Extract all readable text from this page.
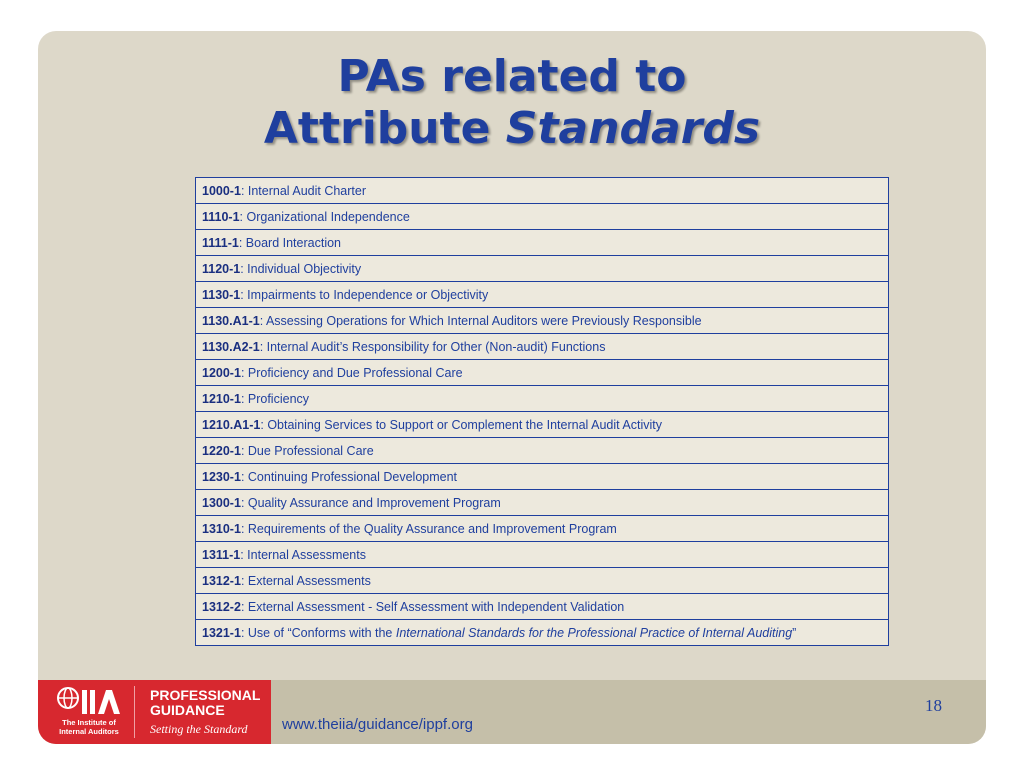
PAs related to
Attribute Standards
1000-1: Internal Audit Charter
1110-1: Organizational Independence
1111-1: Board Interaction
1120-1: Individual Objectivity
1130-1: Impairments to Independence or Objectivity
1130.A1-1: Assessing Operations for Which Internal Auditors were Previously Responsible
1130.A2-1: Internal Audit’s Responsibility for Other (Non-audit) Functions
1200-1: Proficiency and Due Professional Care
1210-1: Proficiency
1210.A1-1: Obtaining Services to Support or Complement the Internal Audit Activity
1220-1: Due Professional Care
1230-1: Continuing Professional Development
1300-1: Quality Assurance and Improvement Program
1310-1: Requirements of the Quality Assurance and Improvement Program
1311-1: Internal Assessments
1312-1: External Assessments
1312-2: External Assessment - Self Assessment with Independent Validation
1321-1: Use of “Conforms with the International Standards for the Professional Practice of Internal Auditing”
The Institute of
Internal Auditors
PROFESSIONAL
GUIDANCE
Setting the Standard www.theiia/guidance/ippf.org
18
